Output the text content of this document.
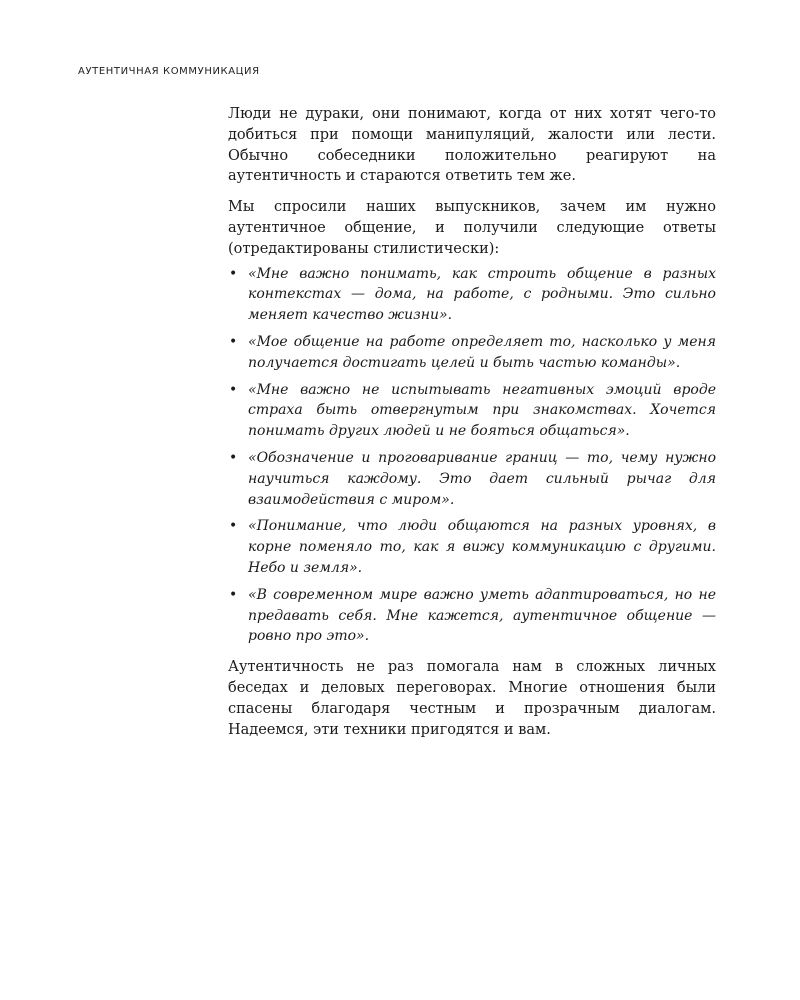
АУТЕНТИЧНАЯ КОММУНИКАЦИЯ

Люди не дураки, они понимают, когда от них хотят чего-то добиться при помощи манипуляций, жалости или лести. Обычно собеседники положительно реагируют на аутентичность и стараются ответить тем же.

Мы спросили наших выпускников, зачем им нужно аутентичное общение, и получили следующие ответы (отредактированы стилистически):

• «Мне важно понимать, как строить общение в разных контекстах — дома, на работе, с родными. Это сильно меняет качество жизни».
• «Мое общение на работе определяет то, насколько у меня получается достигать целей и быть частью команды».
• «Мне важно не испытывать негативных эмоций вроде страха быть отвергнутым при знакомствах. Хочется понимать других людей и не бояться общаться».
• «Обозначение и проговаривание границ — то, чему нужно научиться каждому. Это дает сильный рычаг для взаимодействия с миром».
• «Понимание, что люди общаются на разных уровнях, в корне поменяло то, как я вижу коммуникацию с другими. Небо и земля».
• «В современном мире важно уметь адаптироваться, но не предавать себя. Мне кажется, аутентичное общение — ровно про это».

Аутентичность не раз помогала нам в сложных личных беседах и деловых переговорах. Многие отношения были спасены благодаря честным и прозрачным диалогам. Надеемся, эти техники пригодятся и вам.
